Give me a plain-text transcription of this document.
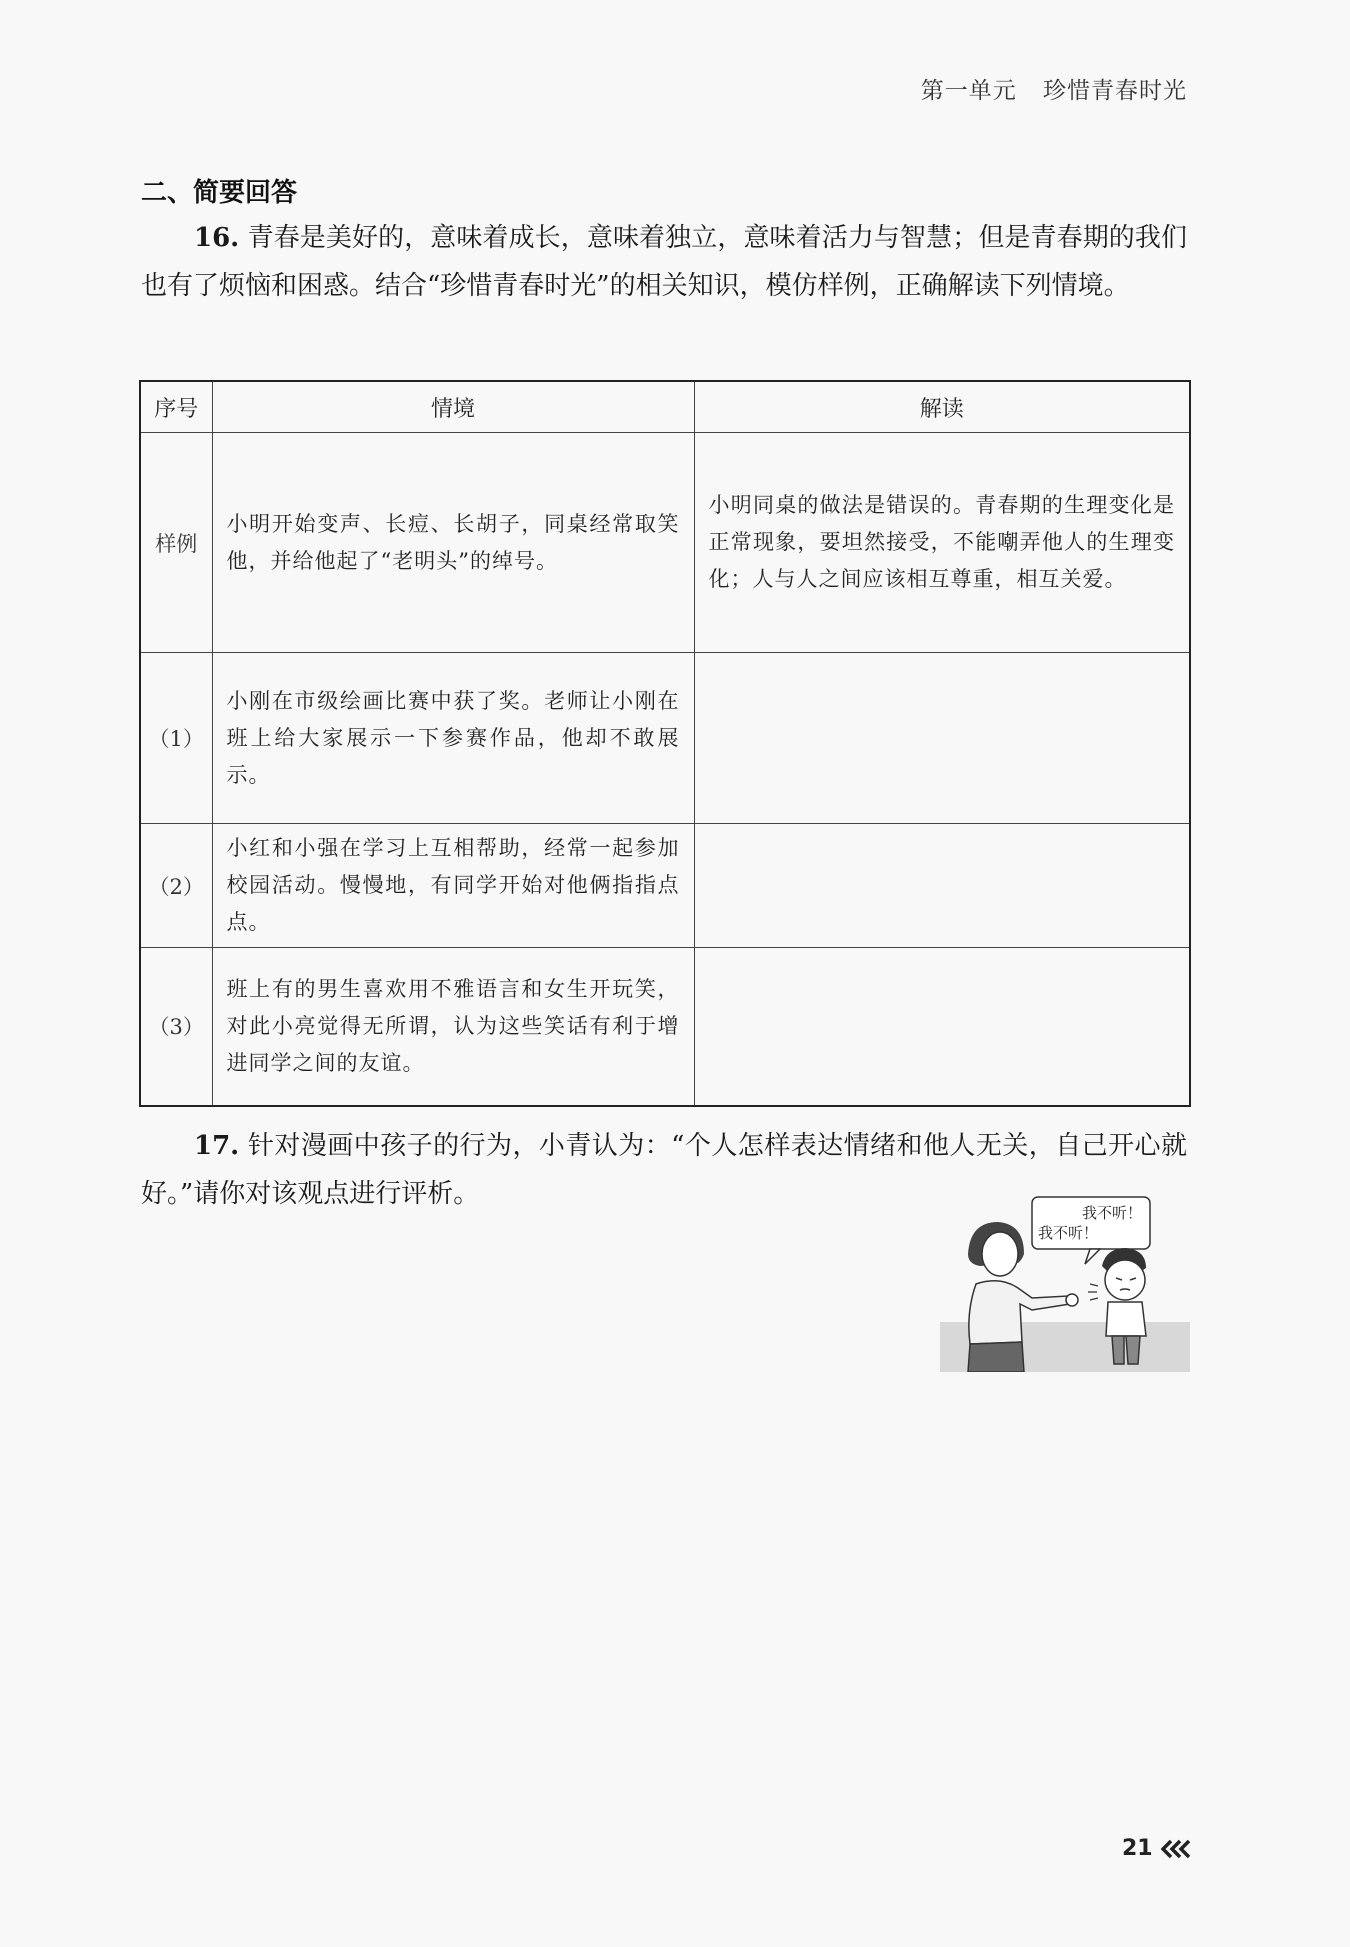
第一单元 珍惜青春时光
二、简要回答
16. 青春是美好的，意味着成长，意味着独立，意味着活力与智慧；但是青春期的我们也有了烦恼和困惑。结合“珍惜青春时光”的相关知识，模仿样例，正确解读下列情境。
序号	情境	解读
样例	小明开始变声、长痘、长胡子，同桌经常取笑他，并给他起了“老明头”的绰号。	小明同桌的做法是错误的。青春期的生理变化是正常现象，要坦然接受，不能嘲弄他人的生理变化；人与人之间应该相互尊重，相互关爱。
（1）	小刚在市级绘画比赛中获了奖。老师让小刚在班上给大家展示一下参赛作品，他却不敢展示。	
（2）	小红和小强在学习上互相帮助，经常一起参加校园活动。慢慢地，有同学开始对他俩指指点点。	
（3）	班上有的男生喜欢用不雅语言和女生开玩笑，对此小亮觉得无所谓，认为这些笑话有利于增进同学之间的友谊。	
17. 针对漫画中孩子的行为，小青认为：“个人怎样表达情绪和他人无关，自己开心就好。”请你对该观点进行评析。
我不听！
我不听！
21
